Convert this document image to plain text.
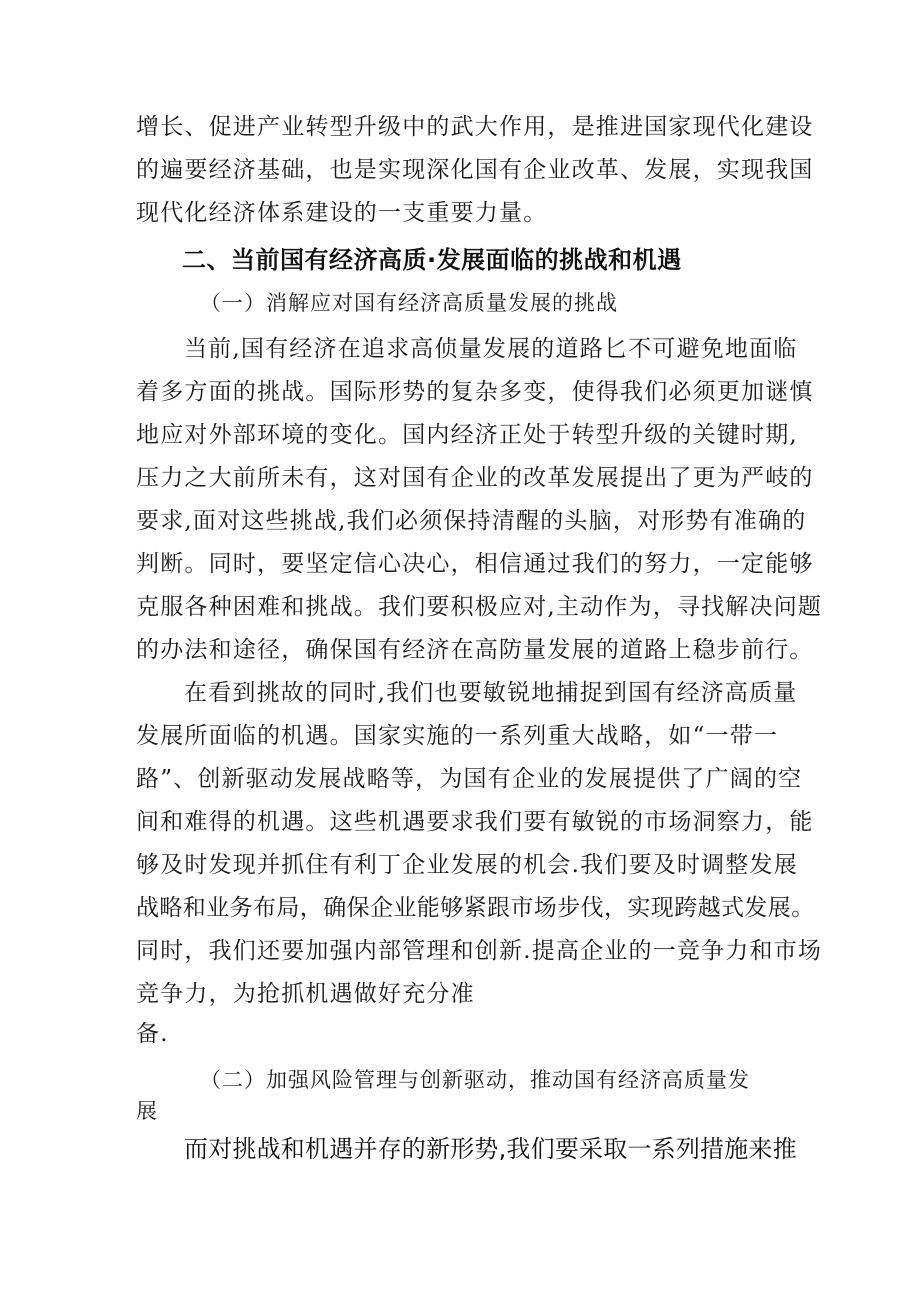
增长、促进产业转型升级中的武大作用，是推进国家现代化建设
的遍要经济基础，也是实现深化国有企业改革、发展，实现我国
现代化经济体系建设的一支重要力量。
二、当前国有经济高质·发展面临的挑战和机遇
（一）消解应对国有经济高质量发展的挑战
当前,国有经济在追求高侦量发展的道路匕不可避免地面临
着多方面的挑战。国际形势的复杂多变，使得我们必须更加谜慎
地应对外部环境的变化。国内经济正处于转型升级的关键时期,
压力之大前所未有，这对国有企业的改革发展提出了更为严岐的
要求,面对这些挑战,我们必须保持清醒的头脑，对形势有准确的
判断。同时，要坚定信心决心，相信通过我们的努力，一定能够
克服各种困难和挑战。我们要积极应对,主动作为，寻找解决问题
的办法和途径，确保国有经济在高防量发展的道路上稳步前行。
在看到挑故的同时,我们也要敏锐地捕捉到国有经济高质量
发展所面临的机遇。国家实施的一系列重大战略，如“一带一
路”、创新驱动发展战略等，为国有企业的发展提供了广阔的空
间和难得的机遇。这些机遇要求我们要有敏锐的市场洞察力，能
够及时发现并抓住有利丁企业发展的机会.我们要及时调整发展
战略和业务布局，确保企业能够紧跟市场步伐，实现跨越式发展。
同时，我们还要加强内部管理和创新.提高企业的一竞争力和市场
竞争力，为抢抓机遇做好充分准
备.
（二）加强风险管理与创新驱动，推动国有经济高质量发
展
而对挑战和机遇并存的新形势,我们要采取一系列措施来推
